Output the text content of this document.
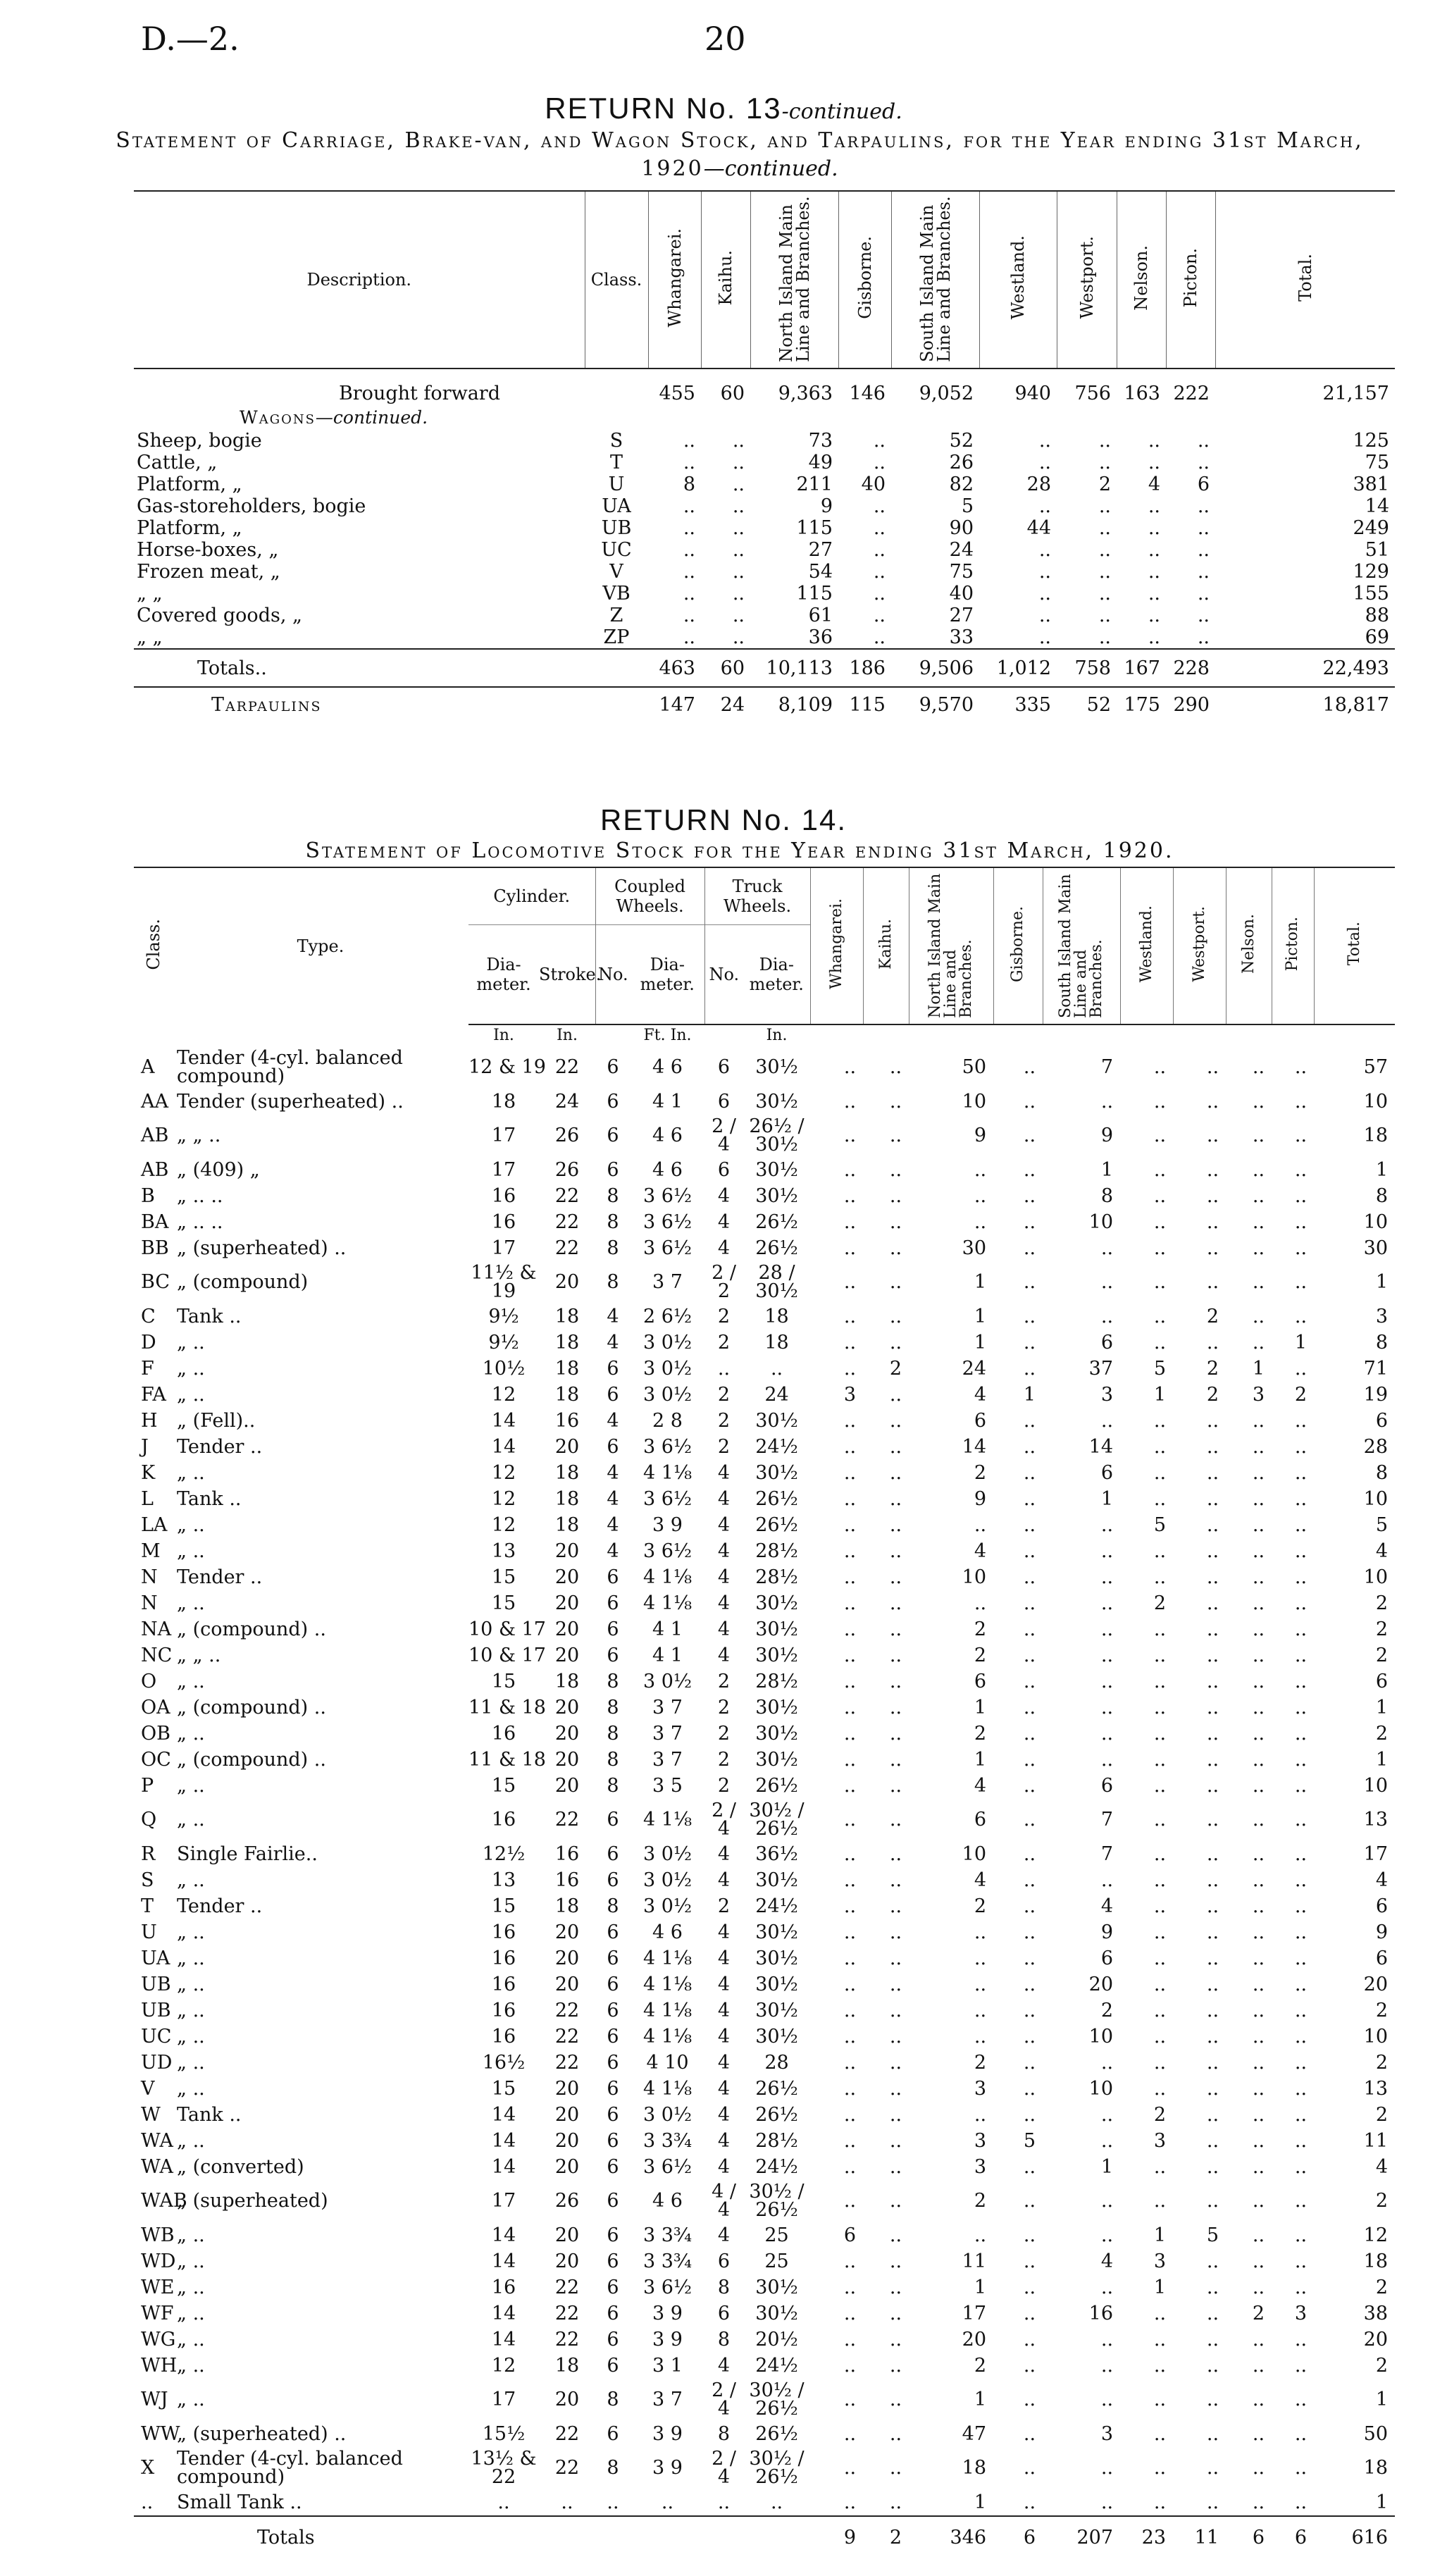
D.—2.	20
RETURN No. 13-continued.
Statement of Carriage, Brake-van, and Wagon Stock, and Tarpaulins, for the Year ending 31st March, 1920—continued.
Description.	Class.	Whangarei.	Kaihu.	North Island Main Line and Branches.	Gisborne.	South Island Main Line and Branches.	Westland.	Westport.	Nelson.	Picton.	Total.
Brought forward		455	60	9,363	146	9,052	940	756	163	222	21,157
Wagons—continued.											
Sheep, bogie	S	..	..	73	..	52	..	..	..	..	125
Cattle, „	T	..	..	49	..	26	..	..	..	..	75
Platform, „	U	8	..	211	40	82	28	2	4	6	381
Gas-storeholders, bogie	UA	..	..	9	..	5	..	..	..	..	14
Platform, „	UB	..	..	115	..	90	44	..	..	..	249
Horse-boxes, „	UC	..	..	27	..	24	..	..	..	..	51
Frozen meat, „	V	..	..	54	..	75	..	..	..	..	129
„ „	VB	..	..	115	..	40	..	..	..	..	155
Covered goods, „	Z	..	..	61	..	27	..	..	..	..	88
„ „	ZP	..	..	36	..	33	..	..	..	..	69
Totals..		463	60	10,113	186	9,506	1,012	758	167	228	22,493
Tarpaulins		147	24	8,109	115	9,570	335	52	175	290	18,817
RETURN No. 14.
Statement of Locomotive Stock for the Year ending 31st March, 1920.
Class.	Type.	Cylinder.		Coupled Wheels.		Truck Wheels.		Whangarei.	Kaihu.	North Island Main Line and Branches.	Gisborne.	South Island Main Line and Branches.	Westland.	Westport.	Nelson.	Picton.	Total.
		Dia- meter.	Stroke.	No.	Dia- meter.	No.	Dia- meter.										
		In.	In.		Ft. In.		In.										
A	Tender (4-cyl. balanced compound)	12 & 19	22	6	4 6	6	30½	..	..	50	..	7	..	..	..	..	57
AA	Tender (superheated) ..	18	24	6	4 1	6	30½	..	..	10	..	..	..	..	..	..	10
AB	„ „ ..	17	26	6	4 6	2 / 4	26½ / 30½	..	..	9	..	9	..	..	..	..	18
AB	„ (409) „	17	26	6	4 6	6	30½	..	..	..	..	1	..	..	..	..	1
B	„ .. ..	16	22	8	3 6½	4	30½	..	..	..	..	8	..	..	..	..	8
BA	„ .. ..	16	22	8	3 6½	4	26½	..	..	..	..	10	..	..	..	..	10
BB	„ (superheated) ..	17	22	8	3 6½	4	26½	..	..	30	..	..	..	..	..	..	30
BC	„ (compound)	11½ & 19	20	8	3 7	2 / 2	28 / 30½	..	..	1	..	..	..	..	..	..	1
C	Tank ..	9½	18	4	2 6½	2	18	..	..	1	..	..	..	2	..	..	3
D	„ ..	9½	18	4	3 0½	2	18	..	..	1	..	6	..	..	..	1	8
F	„ ..	10½	18	6	3 0½	..	..	..	2	24	..	37	5	2	1	..	71
FA	„ ..	12	18	6	3 0½	2	24	3	..	4	1	3	1	2	3	2	19
H	„ (Fell)..	14	16	4	2 8	2	30½	..	..	6	..	..	..	..	..	..	6
J	Tender ..	14	20	6	3 6½	2	24½	..	..	14	..	14	..	..	..	..	28
K	„ ..	12	18	4	4 1⅛	4	30½	..	..	2	..	6	..	..	..	..	8
L	Tank ..	12	18	4	3 6½	4	26½	..	..	9	..	1	..	..	..	..	10
LA	„ ..	12	18	4	3 9	4	26½	..	..	..	..	..	5	..	..	..	5
M	„ ..	13	20	4	3 6½	4	28½	..	..	4	..	..	..	..	..	..	4
N	Tender ..	15	20	6	4 1⅛	4	28½	..	..	10	..	..	..	..	..	..	10
N	„ ..	15	20	6	4 1⅛	4	30½	..	..	..	..	..	2	..	..	..	2
NA	„ (compound) ..	10 & 17	20	6	4 1	4	30½	..	..	2	..	..	..	..	..	..	2
NC	„ „ ..	10 & 17	20	6	4 1	4	30½	..	..	2	..	..	..	..	..	..	2
O	„ ..	15	18	8	3 0½	2	28½	..	..	6	..	..	..	..	..	..	6
OA	„ (compound) ..	11 & 18	20	8	3 7	2	30½	..	..	1	..	..	..	..	..	..	1
OB	„ ..	16	20	8	3 7	2	30½	..	..	2	..	..	..	..	..	..	2
OC	„ (compound) ..	11 & 18	20	8	3 7	2	30½	..	..	1	..	..	..	..	..	..	1
P	„ ..	15	20	8	3 5	2	26½	..	..	4	..	6	..	..	..	..	10
Q	„ ..	16	22	6	4 1⅛	2 / 4	30½ / 26½	..	..	6	..	7	..	..	..	..	13
R	Single Fairlie..	12½	16	6	3 0½	4	36½	..	..	10	..	7	..	..	..	..	17
S	„ ..	13	16	6	3 0½	4	30½	..	..	4	..	..	..	..	..	..	4
T	Tender ..	15	18	8	3 0½	2	24½	..	..	2	..	4	..	..	..	..	6
U	„ ..	16	20	6	4 6	4	30½	..	..	..	..	9	..	..	..	..	9
UA	„ ..	16	20	6	4 1⅛	4	30½	..	..	..	..	6	..	..	..	..	6
UB	„ ..	16	20	6	4 1⅛	4	30½	..	..	..	..	20	..	..	..	..	20
UB	„ ..	16	22	6	4 1⅛	4	30½	..	..	..	..	2	..	..	..	..	2
UC	„ ..	16	22	6	4 1⅛	4	30½	..	..	..	..	10	..	..	..	..	10
UD	„ ..	16½	22	6	4 10	4	28	..	..	2	..	..	..	..	..	..	2
V	„ ..	15	20	6	4 1⅛	4	26½	..	..	3	..	10	..	..	..	..	13
W	Tank ..	14	20	6	3 0½	4	26½	..	..	..	..	..	2	..	..	..	2
WA	„ ..	14	20	6	3 3¾	4	28½	..	..	3	5	..	3	..	..	..	11
WA	„ (converted)	14	20	6	3 6½	4	24½	..	..	3	..	1	..	..	..	..	4
WAB	„ (superheated)	17	26	6	4 6	4 / 4	30½ / 26½	..	..	2	..	..	..	..	..	..	2
WB	„ ..	14	20	6	3 3¾	4	25	6	..	..	..	..	1	5	..	..	12
WD	„ ..	14	20	6	3 3¾	6	25	..	..	11	..	4	3	..	..	..	18
WE	„ ..	16	22	6	3 6½	8	30½	..	..	1	..	..	1	..	..	..	2
WF	„ ..	14	22	6	3 9	6	30½	..	..	17	..	16	..	..	2	3	38
WG	„ ..	14	22	6	3 9	8	20½	..	..	20	..	..	..	..	..	..	20
WH	„ ..	12	18	6	3 1	4	24½	..	..	2	..	..	..	..	..	..	2
WJ	„ ..	17	20	8	3 7	2 / 4	30½ / 26½	..	..	1	..	..	..	..	..	..	1
WW	„ (superheated) ..	15½	22	6	3 9	8	26½	..	..	47	..	3	..	..	..	..	50
X	Tender (4-cyl. balanced compound)	13½ & 22	22	8	3 9	2 / 4	30½ / 26½	..	..	18	..	..	..	..	..	..	18
..	Small Tank ..	..	..	..	..	..	..	..	..	1	..	..	..	..	..	..	1
	Totals							9	2	346	6	207	23	11	6	6	616
